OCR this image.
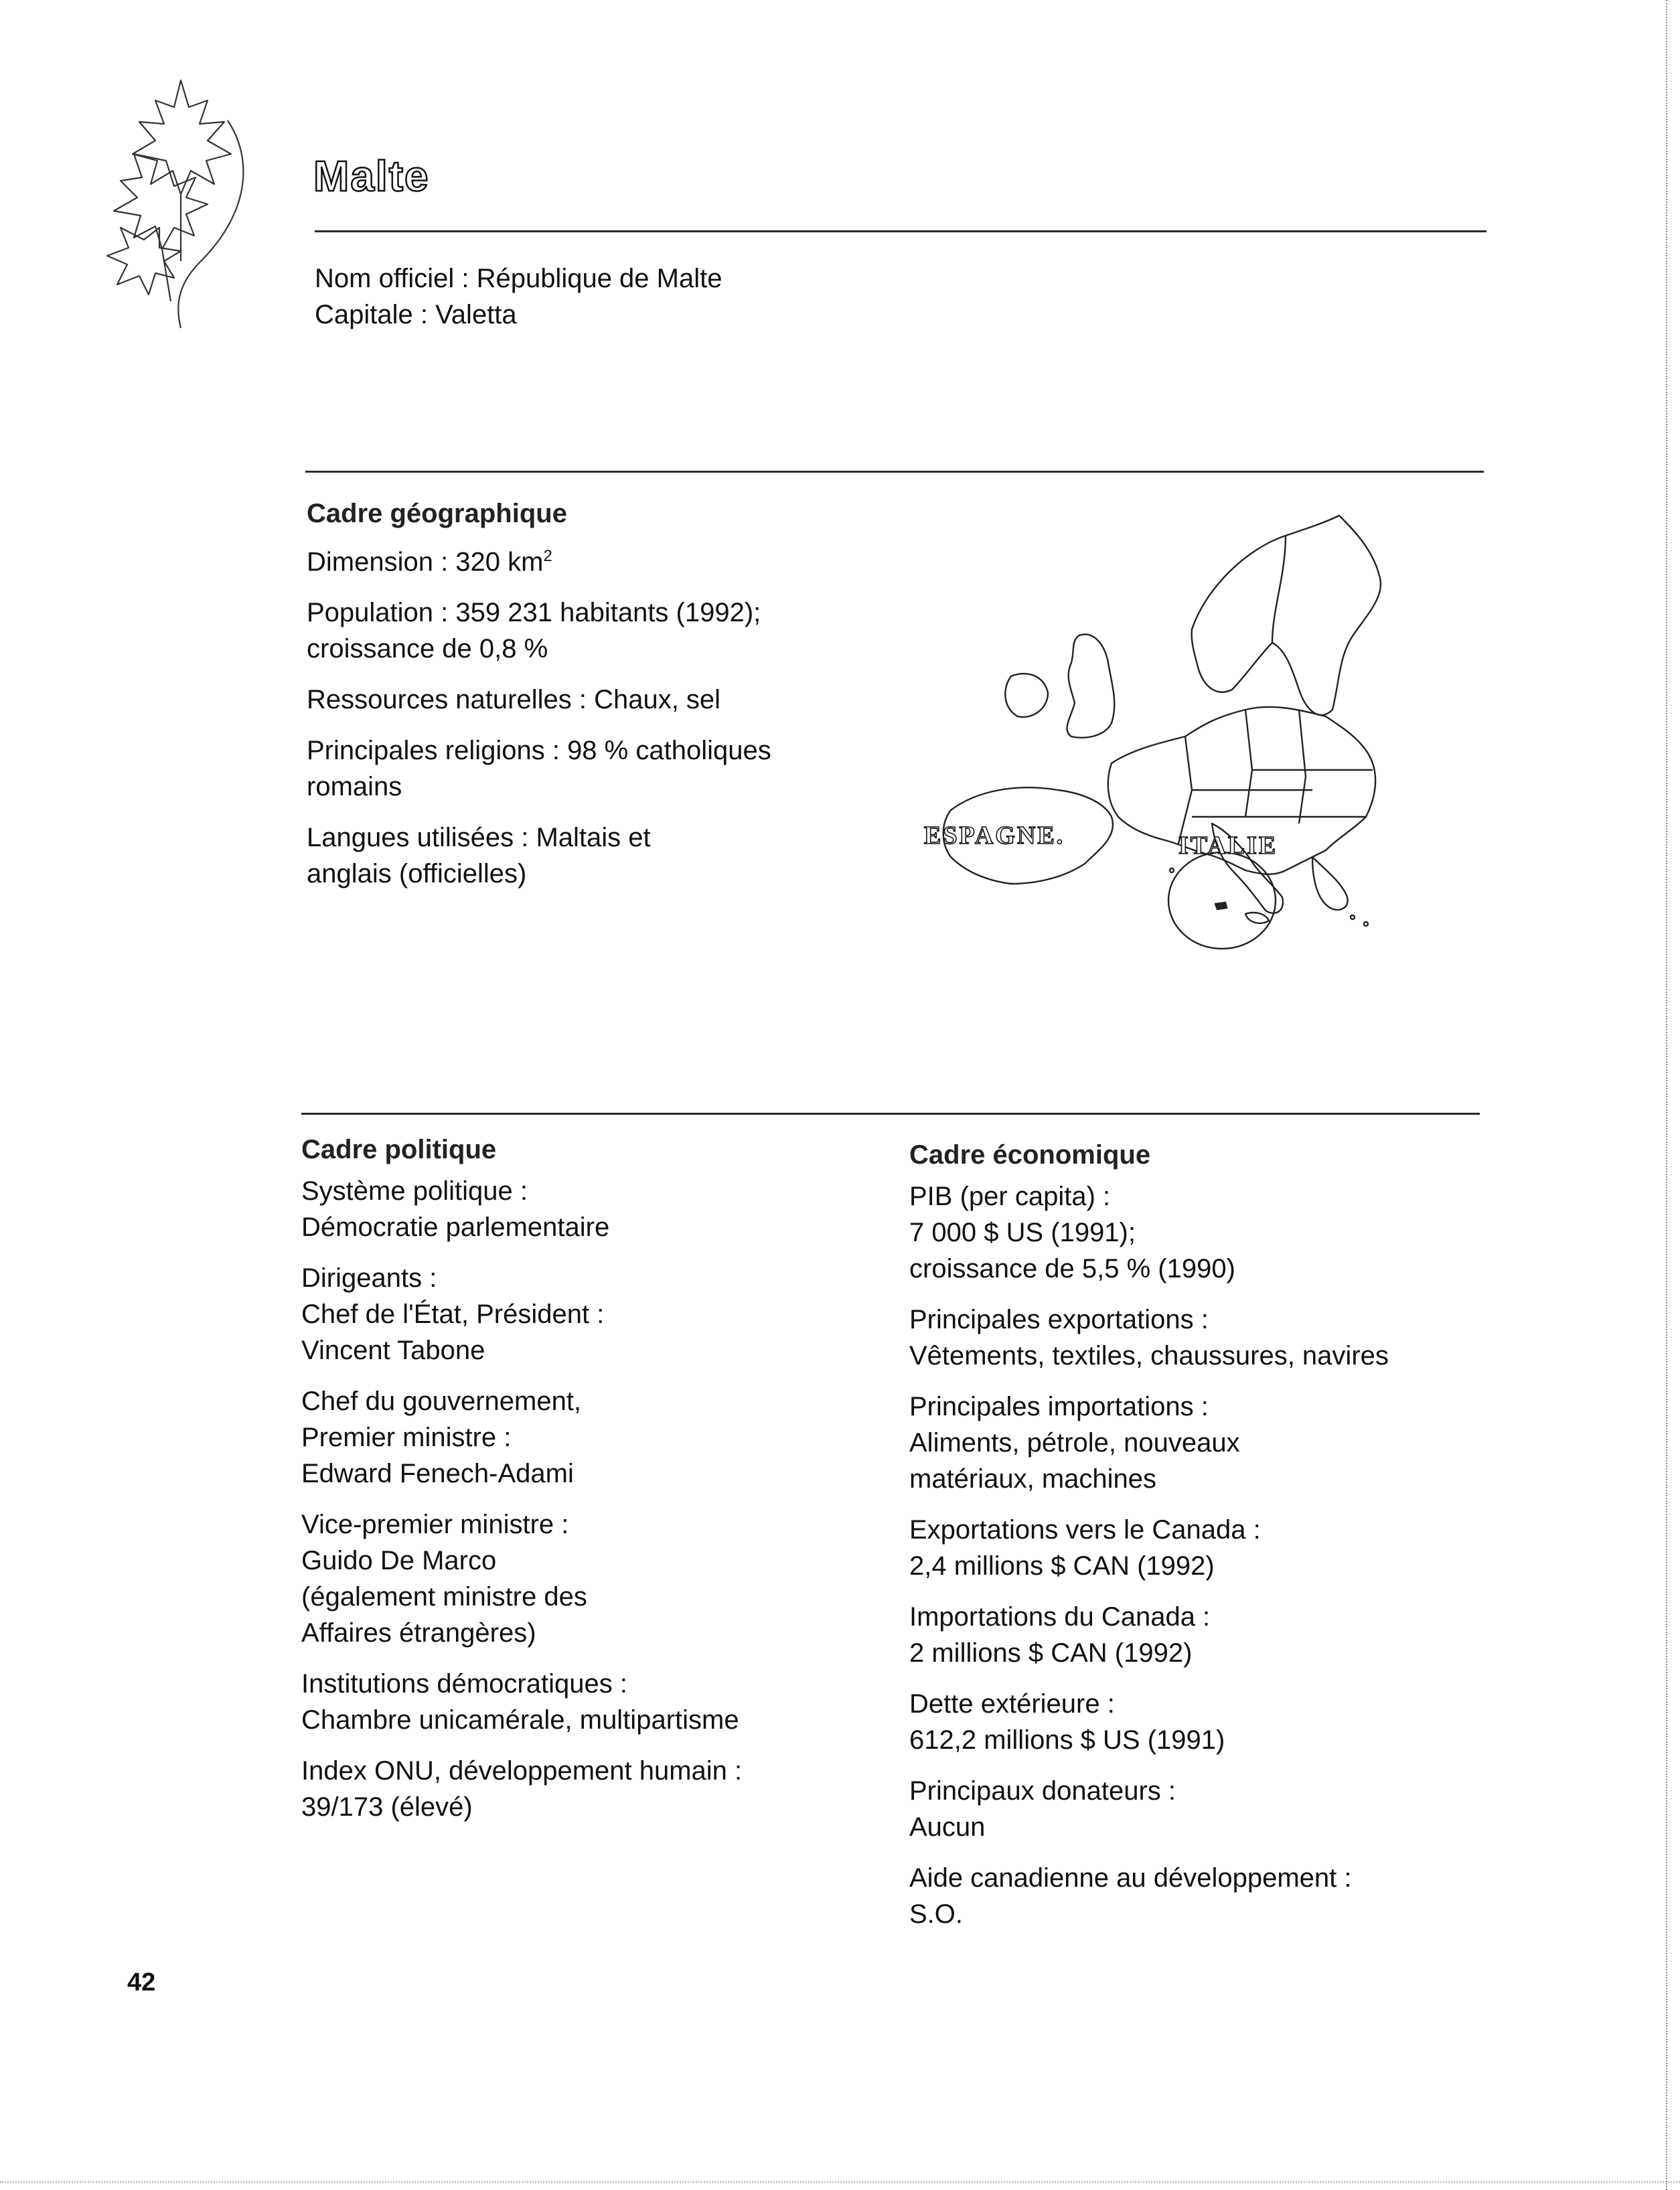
Malte
Nom officiel : République de Malte
Capitale : Valetta
Cadre géographique
Dimension : 320 $km^2$
Population : 359 231 habitants (1992);
croissance de 0,8 %
Ressources naturelles : Chaux, sel
Principales religions : 98 % catholiques
romains
Langues utilisées : Maltais et
anglais (officielles)
ESPAGNE.	ITALIE
Cadre politique
Système politique :
Démocratie parlementaire
Dirigeants :
Chef de l'État, Président :
Vincent Tabone
Chef du gouvernement,
Premier ministre :
Edward Fenech-Adami
Vice-premier ministre :
Guido De Marco
(également ministre des
Affaires étrangères)
Institutions démocratiques :
Chambre unicamérale, multipartisme
Index ONU, développement humain :
39/173 (élevé)
Cadre économique
PIB (per capita) :
7 000 $ US (1991);
croissance de 5,5 % (1990)
Principales exportations :
Vêtements, textiles, chaussures, navires
Principales importations :
Aliments, pétrole, nouveaux
matériaux, machines
Exportations vers le Canada :
2,4 millions $ CAN (1992)
Importations du Canada :
2 millions $ CAN (1992)
Dette extérieure :
612,2 millions $ US (1991)
Principaux donateurs :
Aucun
Aide canadienne au développement :
S.O.
42
